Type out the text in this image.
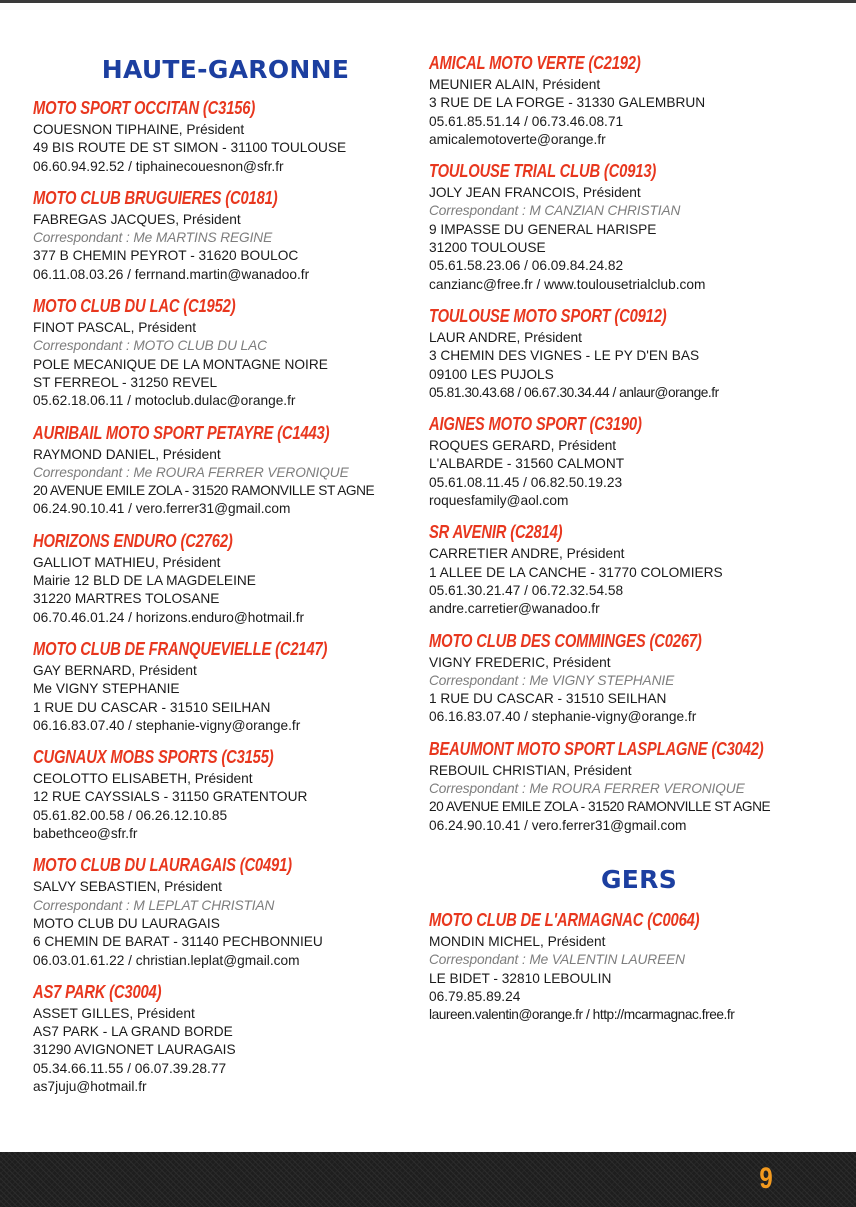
HAUTE-GARONNE
MOTO SPORT OCCITAN (C3156)
COUESNON TIPHAINE, Président
49 BIS ROUTE DE ST SIMON - 31100 TOULOUSE
06.60.94.92.52 / tiphainecouesnon@sfr.fr
MOTO CLUB BRUGUIERES (C0181)
FABREGAS JACQUES, Président
Correspondant : Me MARTINS REGINE
377 B CHEMIN PEYROT - 31620 BOULOC
06.11.08.03.26 / ferrnand.martin@wanadoo.fr
MOTO CLUB DU LAC (C1952)
FINOT PASCAL, Président
Correspondant : MOTO CLUB DU LAC
POLE MECANIQUE DE LA MONTAGNE NOIRE
ST FERREOL - 31250 REVEL
05.62.18.06.11 / motoclub.dulac@orange.fr
AURIBAIL MOTO SPORT PETAYRE (C1443)
RAYMOND DANIEL, Président
Correspondant : Me ROURA FERRER VERONIQUE
20 AVENUE EMILE ZOLA - 31520 RAMONVILLE ST AGNE
06.24.90.10.41 / vero.ferrer31@gmail.com
HORIZONS ENDURO (C2762)
GALLIOT MATHIEU, Président
Mairie 12 BLD DE LA MAGDELEINE
31220 MARTRES TOLOSANE
06.70.46.01.24 / horizons.enduro@hotmail.fr
MOTO CLUB DE FRANQUEVIELLE (C2147)
GAY BERNARD, Président
Me VIGNY STEPHANIE
1 RUE DU CASCAR - 31510 SEILHAN
06.16.83.07.40 / stephanie-vigny@orange.fr
CUGNAUX MOBS SPORTS (C3155)
CEOLOTTO ELISABETH, Président
12 RUE CAYSSIALS - 31150 GRATENTOUR
05.61.82.00.58 / 06.26.12.10.85
babethceo@sfr.fr
MOTO CLUB DU LAURAGAIS (C0491)
SALVY SEBASTIEN, Président
Correspondant : M LEPLAT CHRISTIAN
MOTO CLUB DU LAURAGAIS
6 CHEMIN DE BARAT - 31140 PECHBONNIEU
06.03.01.61.22 / christian.leplat@gmail.com
AS7 PARK (C3004)
ASSET GILLES, Président
AS7 PARK - LA GRAND BORDE
31290 AVIGNONET LAURAGAIS
05.34.66.11.55 / 06.07.39.28.77
as7juju@hotmail.fr
AMICAL MOTO VERTE (C2192)
MEUNIER ALAIN, Président
3 RUE DE LA FORGE - 31330 GALEMBRUN
05.61.85.51.14 / 06.73.46.08.71
amicalemotoverte@orange.fr
TOULOUSE TRIAL CLUB (C0913)
JOLY JEAN FRANCOIS, Président
Correspondant : M CANZIAN CHRISTIAN
9 IMPASSE DU GENERAL HARISPE
31200 TOULOUSE
05.61.58.23.06 / 06.09.84.24.82
canzianc@free.fr / www.toulousetrialclub.com
TOULOUSE MOTO SPORT (C0912)
LAUR ANDRE, Président
3 CHEMIN DES VIGNES - LE PY D'EN BAS
09100 LES PUJOLS
05.81.30.43.68 / 06.67.30.34.44 / anlaur@orange.fr
AIGNES MOTO SPORT (C3190)
ROQUES GERARD, Président
L'ALBARDE - 31560 CALMONT
05.61.08.11.45 / 06.82.50.19.23
roquesfamily@aol.com
SR AVENIR (C2814)
CARRETIER ANDRE, Président
1 ALLEE DE LA CANCHE - 31770 COLOMIERS
05.61.30.21.47 / 06.72.32.54.58
andre.carretier@wanadoo.fr
MOTO CLUB DES COMMINGES (C0267)
VIGNY FREDERIC, Président
Correspondant : Me VIGNY STEPHANIE
1 RUE DU CASCAR - 31510 SEILHAN
06.16.83.07.40 / stephanie-vigny@orange.fr
BEAUMONT MOTO SPORT LASPLAGNE (C3042)
REBOUIL CHRISTIAN, Président
Correspondant : Me ROURA FERRER VERONIQUE
20 AVENUE EMILE ZOLA - 31520 RAMONVILLE ST AGNE
06.24.90.10.41 / vero.ferrer31@gmail.com
GERS
MOTO CLUB DE L'ARMAGNAC (C0064)
MONDIN MICHEL, Président
Correspondant : Me VALENTIN LAUREEN
LE BIDET - 32810 LEBOULIN
06.79.85.89.24
laureen.valentin@orange.fr / http://mcarmagnac.free.fr
9
